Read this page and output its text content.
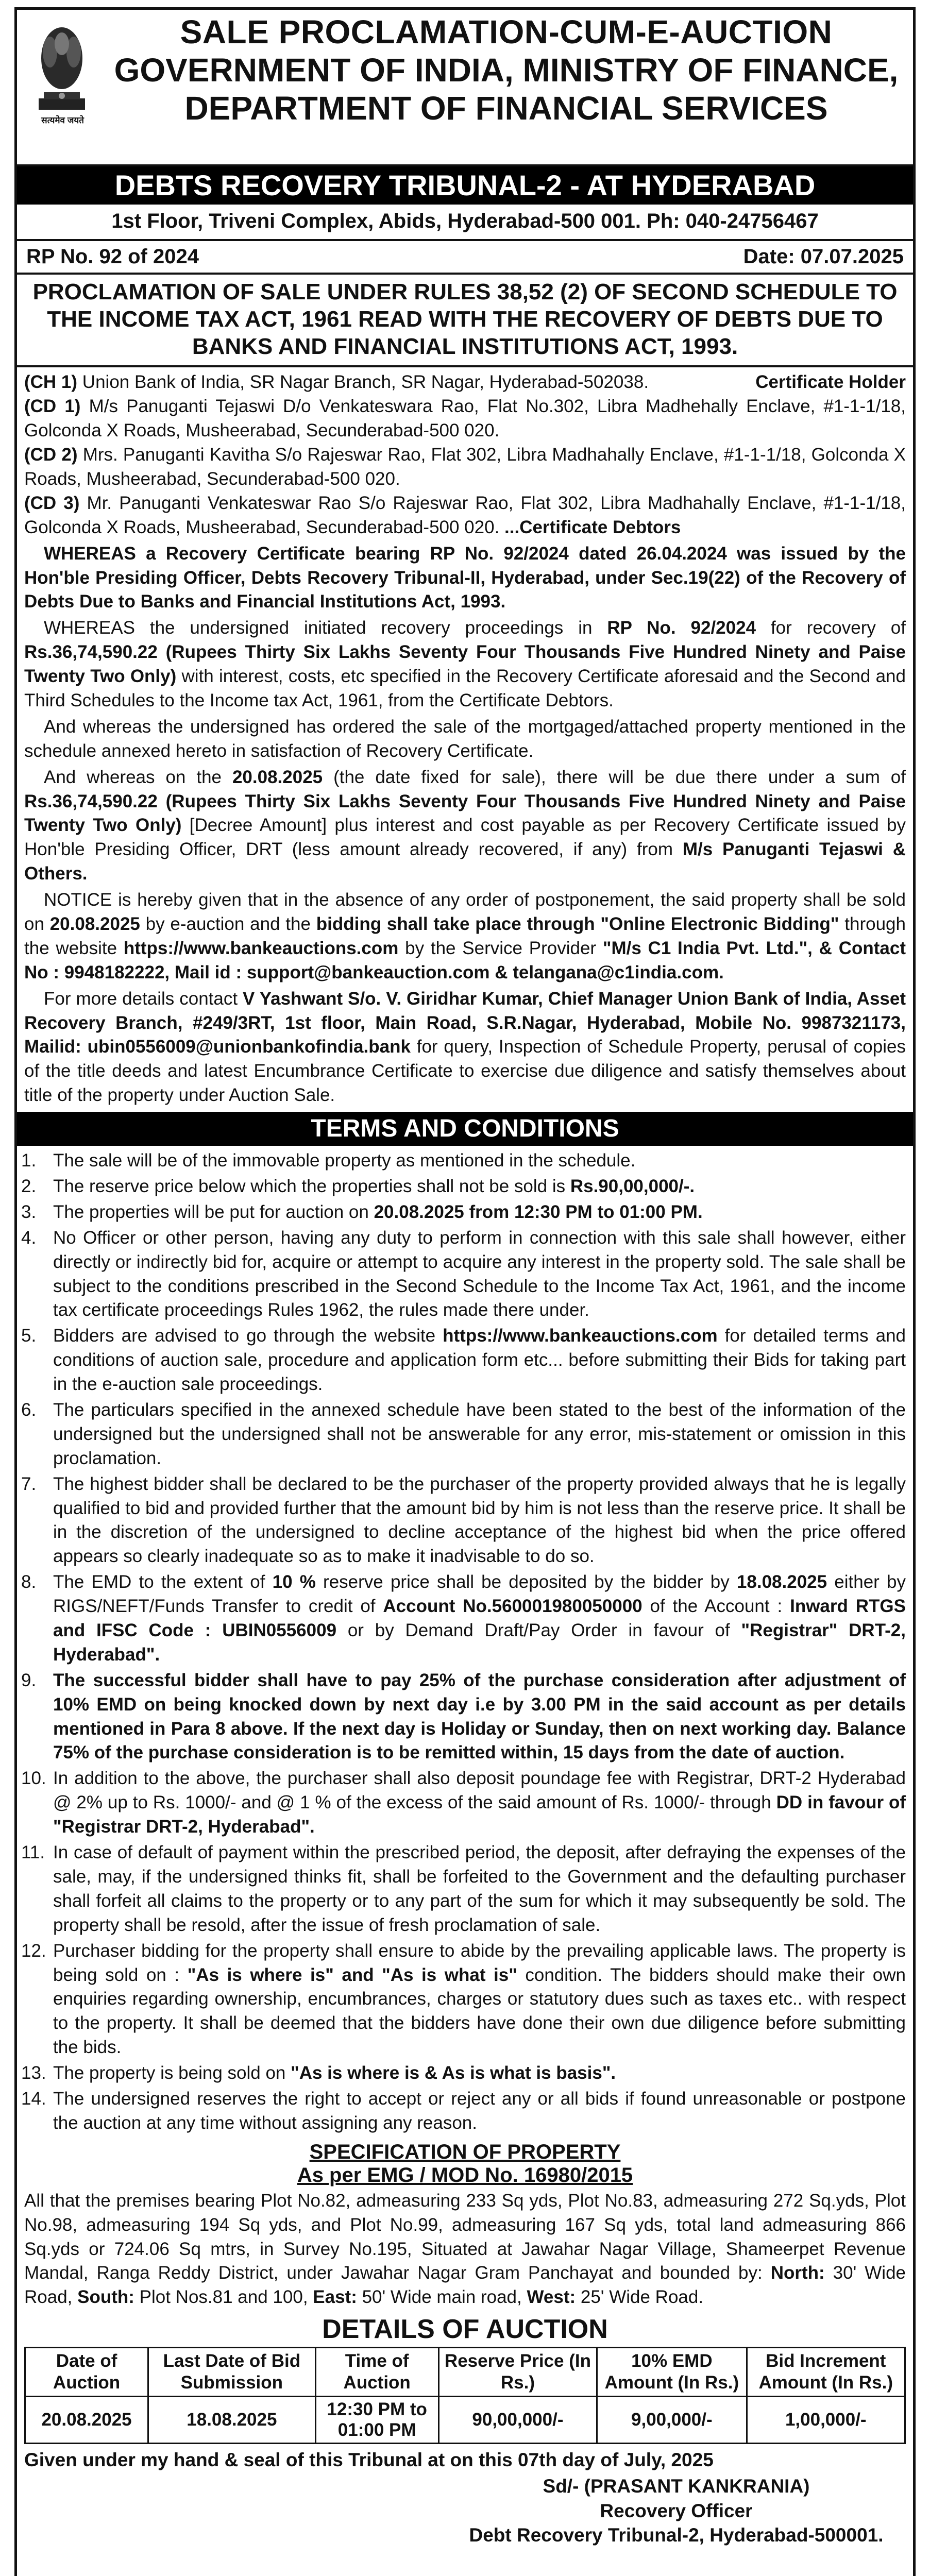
सत्यमेव जयते
SALE PROCLAMATION-CUM-E-AUCTION
GOVERNMENT OF INDIA, MINISTRY OF FINANCE,
DEPARTMENT OF FINANCIAL SERVICES
DEBTS RECOVERY TRIBUNAL-2 - AT HYDERABAD
1st Floor, Triveni Complex, Abids, Hyderabad-500 001. Ph: 040-24756467
RP No. 92 of 2024	Date: 07.07.2025
PROCLAMATION OF SALE UNDER RULES 38,52 (2) OF SECOND SCHEDULE TO THE INCOME TAX ACT, 1961 READ WITH THE RECOVERY OF DEBTS DUE TO BANKS AND FINANCIAL INSTITUTIONS ACT, 1993.
(CH 1) Union Bank of India, SR Nagar Branch, SR Nagar, Hyderabad-502038.	Certificate Holder
(CD 1) M/s Panuganti Tejaswi D/o Venkateswara Rao, Flat No.302, Libra Madhehally Enclave, #1-1-1/18, Golconda X Roads, Musheerabad, Secunderabad-500 020.
(CD 2) Mrs. Panuganti Kavitha S/o Rajeswar Rao, Flat 302, Libra Madhahally Enclave, #1-1-1/18, Golconda X Roads, Musheerabad, Secunderabad-500 020.
(CD 3) Mr. Panuganti Venkateswar Rao S/o Rajeswar Rao, Flat 302, Libra Madhahally Enclave, #1-1-1/18, Golconda X Roads, Musheerabad, Secunderabad-500 020. ...Certificate Debtors

WHEREAS a Recovery Certificate bearing RP No. 92/2024 dated 26.04.2024 was issued by the Hon'ble Presiding Officer, Debts Recovery Tribunal-II, Hyderabad, under Sec.19(22) of the Recovery of Debts Due to Banks and Financial Institutions Act, 1993.

WHEREAS the undersigned initiated recovery proceedings in RP No. 92/2024 for recovery of Rs.36,74,590.22 (Rupees Thirty Six Lakhs Seventy Four Thousands Five Hundred Ninety and Paise Twenty Two Only) with interest, costs, etc specified in the Recovery Certificate aforesaid and the Second and Third Schedules to the Income tax Act, 1961, from the Certificate Debtors.

And whereas the undersigned has ordered the sale of the mortgaged/attached property mentioned in the schedule annexed hereto in satisfaction of Recovery Certificate.

And whereas on the 20.08.2025 (the date fixed for sale), there will be due there under a sum of Rs.36,74,590.22 (Rupees Thirty Six Lakhs Seventy Four Thousands Five Hundred Ninety and Paise Twenty Two Only) [Decree Amount] plus interest and cost payable as per Recovery Certificate issued by Hon'ble Presiding Officer, DRT (less amount already recovered, if any) from M/s Panuganti Tejaswi & Others.

NOTICE is hereby given that in the absence of any order of postponement, the said property shall be sold on 20.08.2025 by e-auction and the bidding shall take place through "Online Electronic Bidding" through the website https://www.bankeauctions.com by the Service Provider "M/s C1 India Pvt. Ltd.", & Contact No : 9948182222, Mail id : support@bankeauction.com & telangana@c1india.com.

For more details contact V Yashwant S/o. V. Giridhar Kumar, Chief Manager Union Bank of India, Asset Recovery Branch, #249/3RT, 1st floor, Main Road, S.R.Nagar, Hyderabad, Mobile No. 9987321173, Mailid: ubin0556009@unionbankofindia.bank for query, Inspection of Schedule Property, perusal of copies of the title deeds and latest Encumbrance Certificate to exercise due diligence and satisfy themselves about title of the property under Auction Sale.

TERMS AND CONDITIONS
1. The sale will be of the immovable property as mentioned in the schedule.
2. The reserve price below which the properties shall not be sold is Rs.90,00,000/-.
3. The properties will be put for auction on 20.08.2025 from 12:30 PM to 01:00 PM.
4. No Officer or other person, having any duty to perform in connection with this sale shall however, either directly or indirectly bid for, acquire or attempt to acquire any interest in the property sold. The sale shall be subject to the conditions prescribed in the Second Schedule to the Income Tax Act, 1961, and the income tax certificate proceedings Rules 1962, the rules made there under.
5. Bidders are advised to go through the website https://www.bankeauctions.com for detailed terms and conditions of auction sale, procedure and application form etc... before submitting their Bids for taking part in the e-auction sale proceedings.
6. The particulars specified in the annexed schedule have been stated to the best of the information of the undersigned but the undersigned shall not be answerable for any error, mis-statement or omission in this proclamation.
7. The highest bidder shall be declared to be the purchaser of the property provided always that he is legally qualified to bid and provided further that the amount bid by him is not less than the reserve price. It shall be in the discretion of the undersigned to decline acceptance of the highest bid when the price offered appears so clearly inadequate so as to make it inadvisable to do so.
8. The EMD to the extent of 10 % reserve price shall be deposited by the bidder by 18.08.2025 either by RIGS/NEFT/Funds Transfer to credit of Account No.560001980050000 of the Account : Inward RTGS and IFSC Code : UBIN0556009 or by Demand Draft/Pay Order in favour of "Registrar" DRT-2, Hyderabad".
9. The successful bidder shall have to pay 25% of the purchase consideration after adjustment of 10% EMD on being knocked down by next day i.e by 3.00 PM in the said account as per details mentioned in Para 8 above. If the next day is Holiday or Sunday, then on next working day. Balance 75% of the purchase consideration is to be remitted within, 15 days from the date of auction.
10. In addition to the above, the purchaser shall also deposit poundage fee with Registrar, DRT-2 Hyderabad @ 2% up to Rs. 1000/- and @ 1 % of the excess of the said amount of Rs. 1000/- through DD in favour of "Registrar DRT-2, Hyderabad".
11. In case of default of payment within the prescribed period, the deposit, after defraying the expenses of the sale, may, if the undersigned thinks fit, shall be forfeited to the Government and the defaulting purchaser shall forfeit all claims to the property or to any part of the sum for which it may subsequently be sold. The property shall be resold, after the issue of fresh proclamation of sale.
12. Purchaser bidding for the property shall ensure to abide by the prevailing applicable laws. The property is being sold on : "As is where is" and "As is what is" condition. The bidders should make their own enquiries regarding ownership, encumbrances, charges or statutory dues such as taxes etc.. with respect to the property. It shall be deemed that the bidders have done their own due diligence before submitting the bids.
13. The property is being sold on "As is where is & As is what is basis".
14. The undersigned reserves the right to accept or reject any or all bids if found unreasonable or postpone the auction at any time without assigning any reason.
SPECIFICATION OF PROPERTY
As per EMG / MOD No. 16980/2015
All that the premises bearing Plot No.82, admeasuring 233 Sq yds, Plot No.83, admeasuring 272 Sq.yds, Plot No.98, admeasuring 194 Sq yds, and Plot No.99, admeasuring 167 Sq yds, total land admeasuring 866 Sq.yds or 724.06 Sq mtrs, in Survey No.195, Situated at Jawahar Nagar Village, Shameerpet Revenue Mandal, Ranga Reddy District, under Jawahar Nagar Gram Panchayat and bounded by: North: 30' Wide Road, South: Plot Nos.81 and 100, East: 50' Wide main road, West: 25' Wide Road.
DETAILS OF AUCTION
Date of Auction	Last Date of Bid Submission	Time of Auction	Reserve Price (In Rs.)	10% EMD Amount (In Rs.)	Bid Increment Amount (In Rs.)
20.08.2025	18.08.2025	12:30 PM to 01:00 PM	90,00,000/-	9,00,000/-	1,00,000/-
Given under my hand & seal of this Tribunal at on this 07th day of July, 2025
Sd/- (PRASANT KANKRANIA)
Recovery Officer
Debt Recovery Tribunal-2, Hyderabad-500001.
